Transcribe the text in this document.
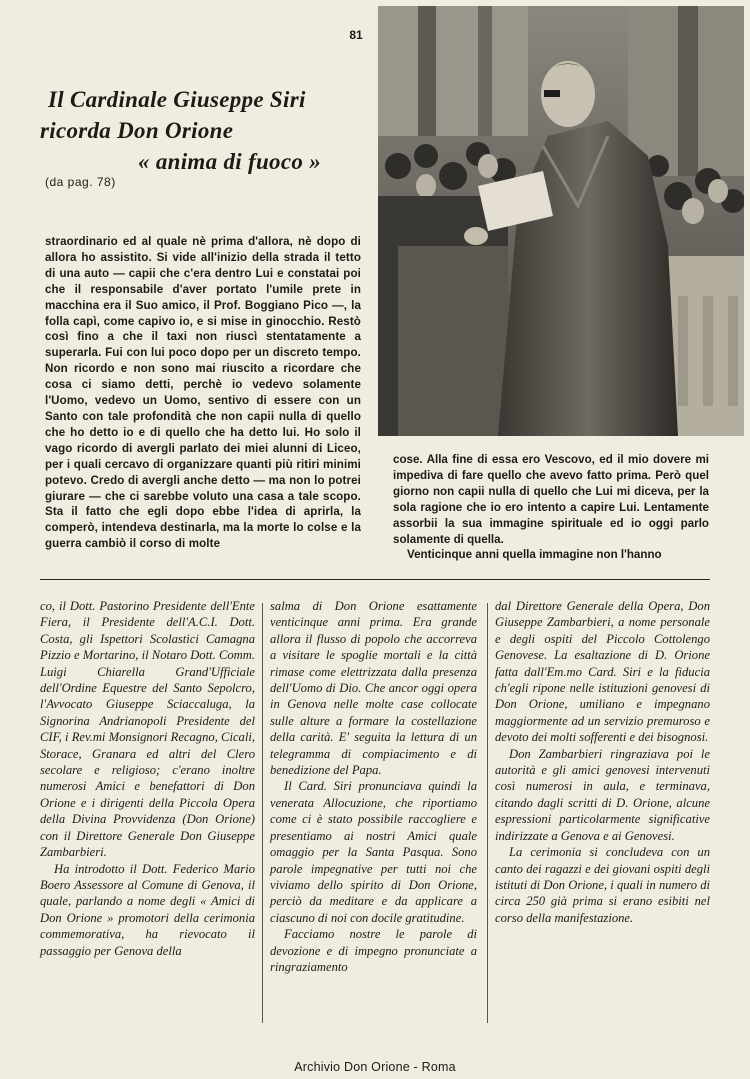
81
Il Cardinale Giuseppe Siri
ricorda Don Orione
« anima di fuoco »
(da pag. 78)

straordinario ed al quale nè prima d'allora, nè dopo di allora ho assistito. Si vide all'inizio della strada il tetto di una auto — capii che c'era dentro Lui e constatai poi che il responsabile d'aver portato l'umile prete in macchina era il Suo amico, il Prof. Boggiano Pico —, la folla capì, come capivo io, e si mise in ginocchio. Restò così fino a che il taxi non riuscì stentatamente a superarla. Fui con lui poco dopo per un discreto tempo. Non ricordo e non sono mai riuscito a ricordare che cosa ci siamo detti, perchè io vedevo solamente l'Uomo, vedevo un Uomo, sentivo di essere con un Santo con tale profondità che non capii nulla di quello che ho detto io e di quello che ha detto lui. Ho solo il vago ricordo di avergli parlato dei miei alunni di Liceo, per i quali cercavo di organizzare quanti più ritiri minimi potevo. Credo di avergli anche detto — ma non lo potrei giurare — che ci sarebbe voluto una casa a tale scopo. Sta il fatto che egli dopo ebbe l'idea di aprirla, la comperò, intendeva destinarla, ma la morte lo colse e la guerra cambiò il corso di molte

cose. Alla fine di essa ero Vescovo, ed il mio dovere mi impediva di fare quello che avevo fatto prima. Però quel giorno non capii nulla di quello che Lui mi diceva, per la sola ragione che io ero intento a capire Lui. Lentamente assorbii la sua immagine spirituale ed io oggi parlo solamente di quella.

Venticinque anni quella immagine non l'hanno

co, il Dott. Pastorino Presidente dell'Ente Fiera, il Presidente dell'A.C.I. Dott. Costa, gli Ispettori Scolastici Camagna Pizzio e Mortarino, il Notaro Dott. Comm. Luigi Chiarella Grand'Ufficiale dell'Ordine Equestre del Santo Sepolcro, l'Avvocato Giuseppe Sciaccaluga, la Signorina Andrianopoli Presidente del CIF, i Rev.mi Monsignori Recagno, Cicali, Storace, Granara ed altri del Clero secolare e religioso; c'erano inoltre numerosi Amici e benefattori di Don Orione e i dirigenti della Piccola Opera della Divina Provvidenza (Don Orione) con il Direttore Generale Don Giuseppe Zambarbieri.

Ha introdotto il Dott. Federico Mario Boero Assessore al Comune di Genova, il quale, parlando a nome degli « Amici di Don Orione » promotori della cerimonia commemorativa, ha rievocato il passaggio per Genova della

salma di Don Orione esattamente venticinque anni prima. Era grande allora il flusso di popolo che accorreva a visitare le spoglie mortali e la città rimase come elettrizzata dalla presenza dell'Uomo di Dio. Che ancor oggi opera in Genova nelle molte case collocate sulle alture a formare la costellazione della carità. E' seguita la lettura di un telegramma di compiacimento e di benedizione del Papa.

Il Card. Siri pronunciava quindi la venerata Allocuzione, che riportiamo come ci è stato possibile raccogliere e presentiamo ai nostri Amici quale omaggio per la Santa Pasqua. Sono parole impegnative per tutti noi che viviamo dello spirito di Don Orione, perciò da meditare e da applicare a ciascuno di noi con docile gratitudine.

Facciamo nostre le parole di devozione e di impegno pronunciate a ringraziamento

dal Direttore Generale della Opera, Don Giuseppe Zambarbieri, a nome personale e degli ospiti del Piccolo Cottolengo Genovese. La esaltazione di D. Orione fatta dall'Em.mo Card. Siri e la fiducia ch'egli ripone nelle istituzioni genovesi di Don Orione, umiliano e impegnano maggiormente ad un servizio premuroso e devoto dei molti sofferenti e dei bisognosi.

Don Zambarbieri ringraziava poi le autorità e gli amici genovesi intervenuti così numerosi in aula, e terminava, citando dagli scritti di D. Orione, alcune espressioni particolarmente significative indirizzate a Genova e ai Genovesi.

La cerimonia si concludeva con un canto dei ragazzi e dei giovani ospiti degli istituti di Don Orione, i quali in numero di circa 250 già prima si erano esibiti nel corso della manifestazione.

Archivio Don Orione - Roma
